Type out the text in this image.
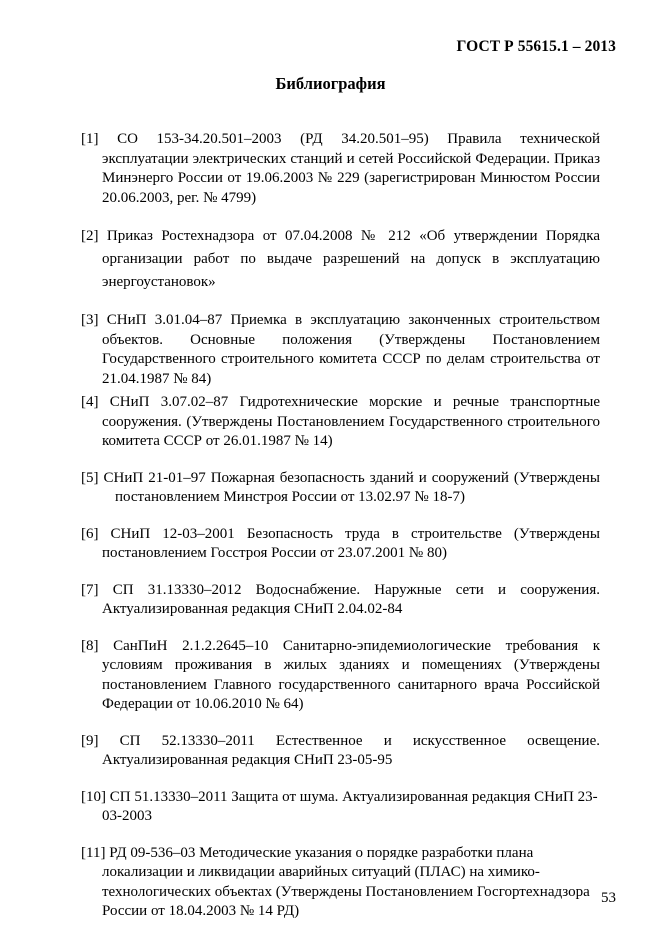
ГОСТ Р 55615.1 – 2013
Библиография

[1] СО 153-34.20.501–2003 (РД 34.20.501–95) Правила технической эксплуатации электрических станций и сетей Российской Федерации. Приказ Минэнерго России от 19.06.2003 № 229 (зарегистрирован Минюстом России 20.06.2003, рег. № 4799)

[2] Приказ Ростехнадзора от 07.04.2008 № 212 «Об утверждении Порядка организации работ по выдаче разрешений на допуск в эксплуатацию энергоустановок»

[3] СНиП 3.01.04–87 Приемка в эксплуатацию законченных строительством объектов. Основные положения (Утверждены Постановлением Государственного строительного комитета СССР по делам строительства от 21.04.1987 № 84)

[4] СНиП 3.07.02–87 Гидротехнические морские и речные транспортные сооружения. (Утверждены Постановлением Государственного строительного комитета СССР от 26.01.1987 № 14)

[5] СНиП 21-01–97 Пожарная безопасность зданий и сооружений (Утверждены постановлением Минстроя России от 13.02.97 № 18-7)

[6] СНиП 12-03–2001 Безопасность труда в строительстве (Утверждены постановлением Госстроя России от 23.07.2001 № 80)

[7] СП 31.13330–2012 Водоснабжение. Наружные сети и сооружения. Актуализированная редакция СНиП 2.04.02-84

[8] СанПиН 2.1.2.2645–10 Санитарно-эпидемиологические требования к условиям проживания в жилых зданиях и помещениях (Утверждены постановлением Главного государственного санитарного врача Российской Федерации от 10.06.2010 № 64)

[9] СП 52.13330–2011 Естественное и искусственное освещение. Актуализированная редакция СНиП 23-05-95

[10] СП 51.13330–2011 Защита от шума. Актуализированная редакция СНиП 23-03-2003

[11] РД 09-536–03 Методические указания о порядке разработки плана локализации и ликвидации аварийных ситуаций (ПЛАС) на химико-технологических объектах (Утверждены Постановлением Госгортехнадзора России от 18.04.2003 № 14 РД)

53
